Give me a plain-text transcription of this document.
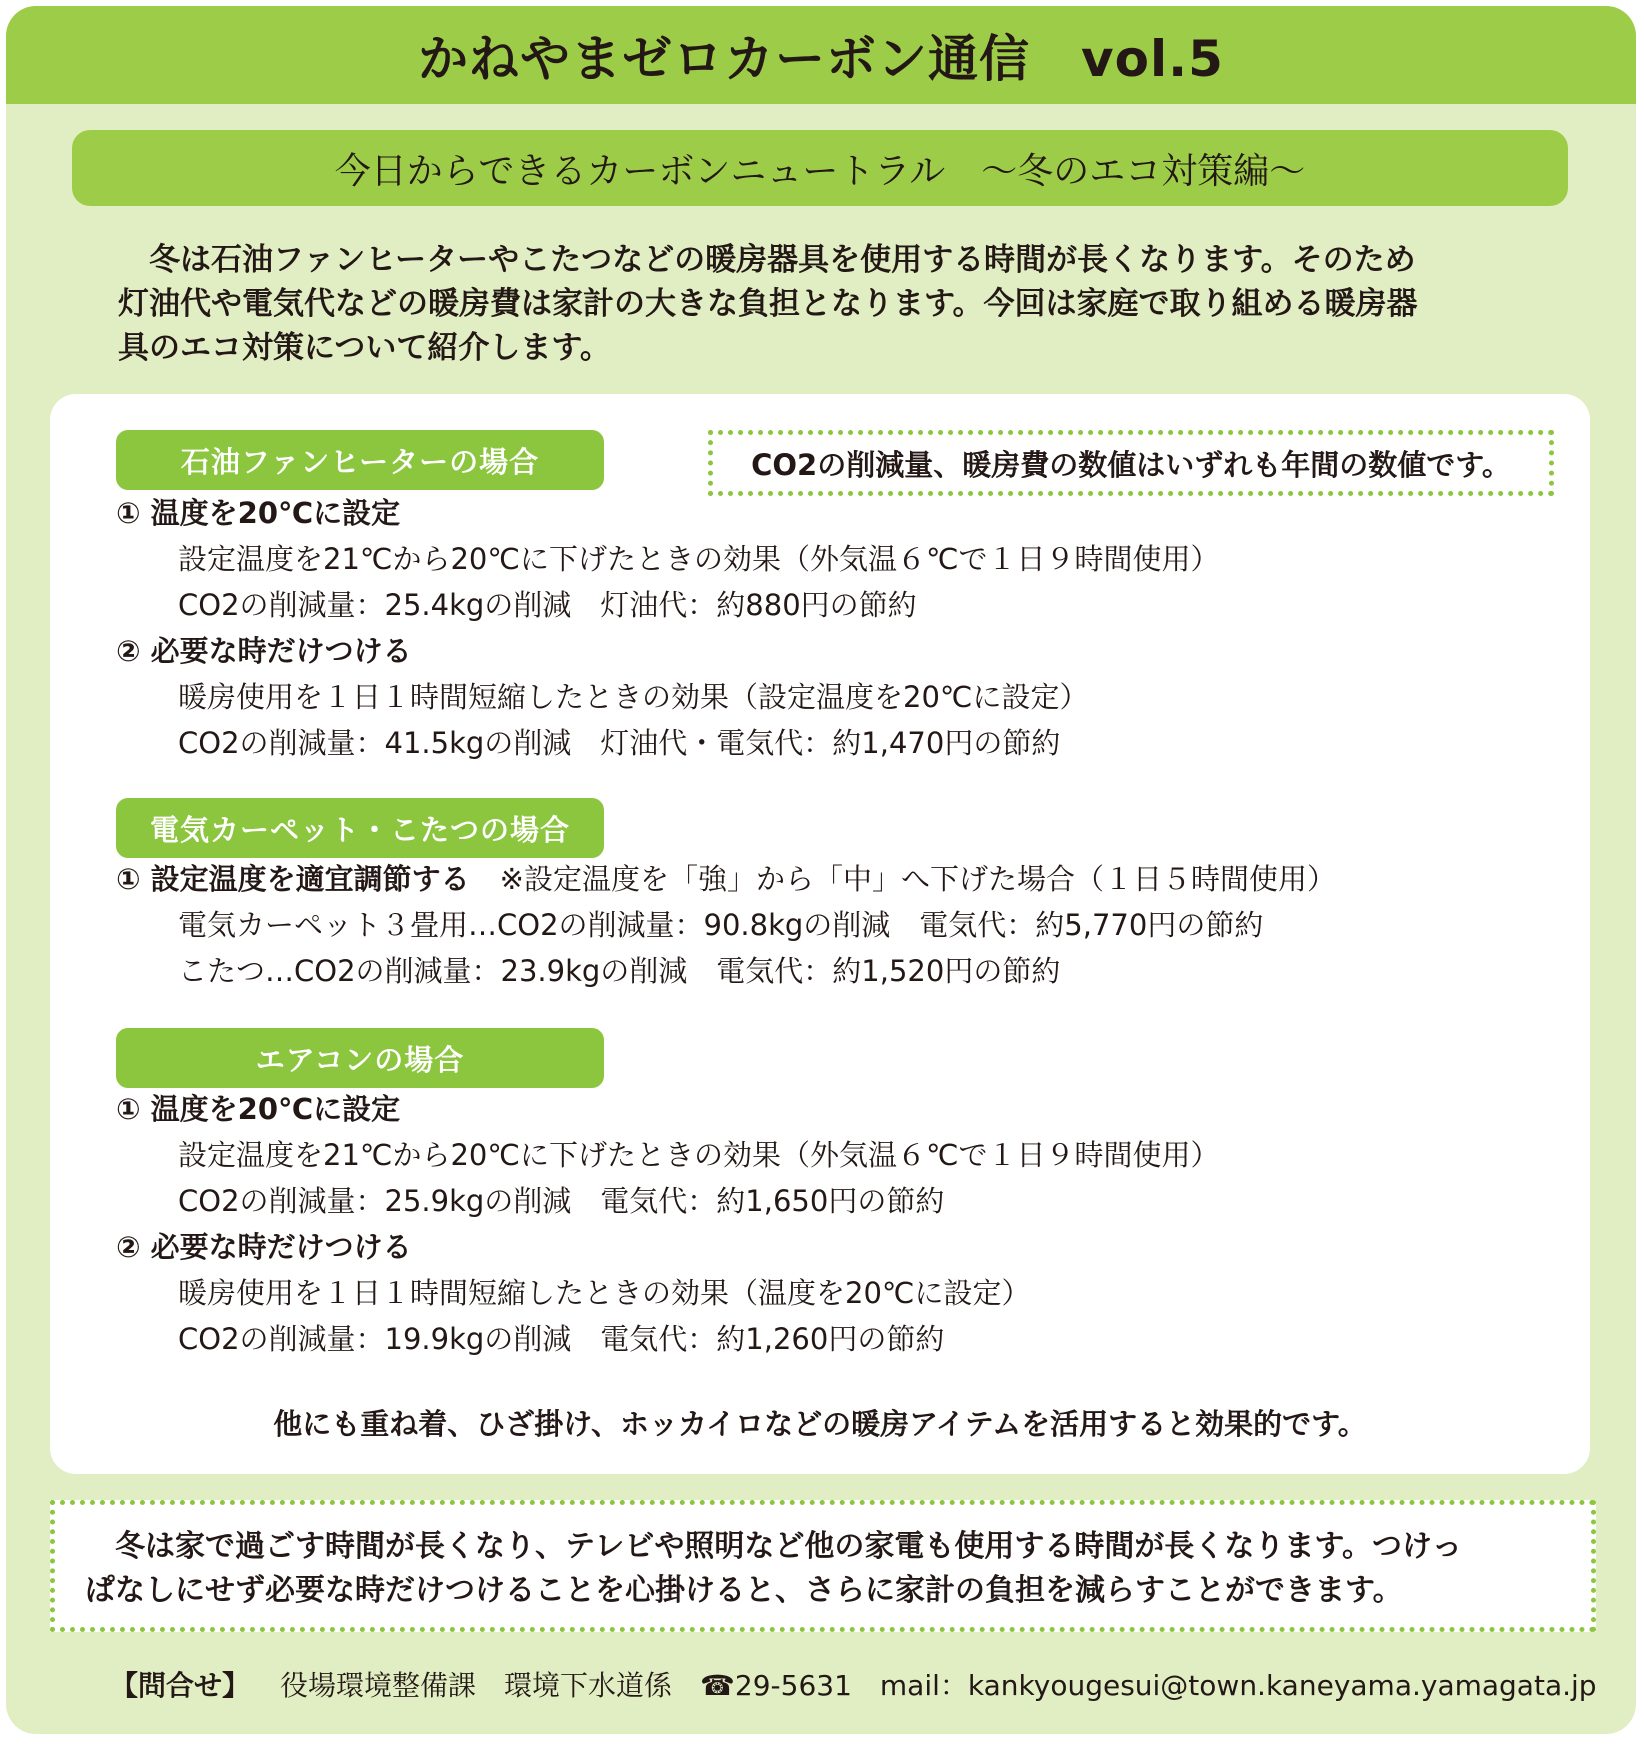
かねやまゼロカーボン通信　vol.5
今日からできるカーボンニュートラル　～冬のエコ対策編～

　冬は石油ファンヒーターやこたつなどの暖房器具を使用する時間が長くなります。そのため

灯油代や電気代などの暖房費は家計の大きな負担となります。今回は家庭で取り組める暖房器

具のエコ対策について紹介します。

石油ファンヒーターの場合	CO2の削減量、暖房費の数値はいずれも年間の数値です。
① 温度を20℃に設定
設定温度を21℃から20℃に下げたときの効果（外気温６℃で１日９時間使用）
CO2の削減量：25.4kgの削減　灯油代：約880円の節約
② 必要な時だけつける
暖房使用を１日１時間短縮したときの効果（設定温度を20℃に設定）
CO2の削減量：41.5kgの削減　灯油代・電気代：約1,470円の節約
電気カーペット・こたつの場合
① 設定温度を適宜調節する ※設定温度を「強」から「中」へ下げた場合（１日５時間使用）
電気カーペット３畳用…CO2の削減量：90.8kgの削減　電気代：約5,770円の節約
こたつ…CO2の削減量：23.9kgの削減　電気代：約1,520円の節約
エアコンの場合
① 温度を20℃に設定
設定温度を21℃から20℃に下げたときの効果（外気温６℃で１日９時間使用）
CO2の削減量：25.9kgの削減　電気代：約1,650円の節約
② 必要な時だけつける
暖房使用を１日１時間短縮したときの効果（温度を20℃に設定）
CO2の削減量：19.9kgの削減　電気代：約1,260円の節約
他にも重ね着、ひざ掛け、ホッカイロなどの暖房アイテムを活用すると効果的です。

　冬は家で過ごす時間が長くなり、テレビや照明など他の家電も使用する時間が長くなります。つけっ

ぱなしにせず必要な時だけつけることを心掛けると、さらに家計の負担を減らすことができます。

【問合せ】 役場環境整備課　環境下水道係 ☎29-5631 mail：kankyougesui@town.kaneyama.yamagata.jp
